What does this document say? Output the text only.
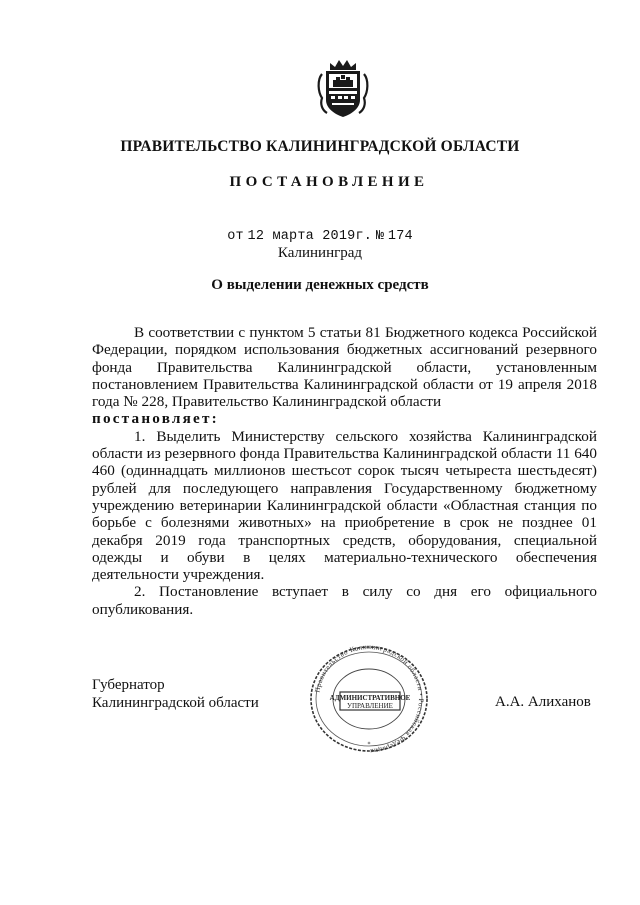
ПРАВИТЕЛЬСТВО КАЛИНИНГРАДСКОЙ ОБЛАСТИ
ПОСТАНОВЛЕНИЕ
от 12 марта 2019г. № 174
Калининград
О выделении денежных средств

В соответствии с пунктом 5 статьи 81 Бюджетного кодекса Российской Федерации, порядком использования бюджетных ассигнований резервного фонда Правительства Калининградской области, установленным постановлением Правительства Калининградской области от 19 апреля 2018 года № 228, Правительство Калининградской области
постановляет:

1. Выделить Министерству сельского хозяйства Калининградской области из резервного фонда Правительства Калининградской области 11 640 460 (одиннадцать миллионов шестьсот сорок тысяч четыреста шестьдесят) рублей для последующего направления Государственному бюджетному учреждению ветеринарии Калининградской области «Областная станция по борьбе с болезнями животных» на приобретение в срок не позднее 01 декабря 2019 года транспортных средств, оборудования, специальной одежды и обуви в целях материально-технического обеспечения деятельности учреждения.

2. Постановление вступает в силу со дня его официального опубликования.

Губернатор
Калининградской области	А.А. Алиханов
Правительство Калининградской области • Российская Федерация
АДМИНИСТРАТИВНОЕ
УПРАВЛЕНИЕ
*
